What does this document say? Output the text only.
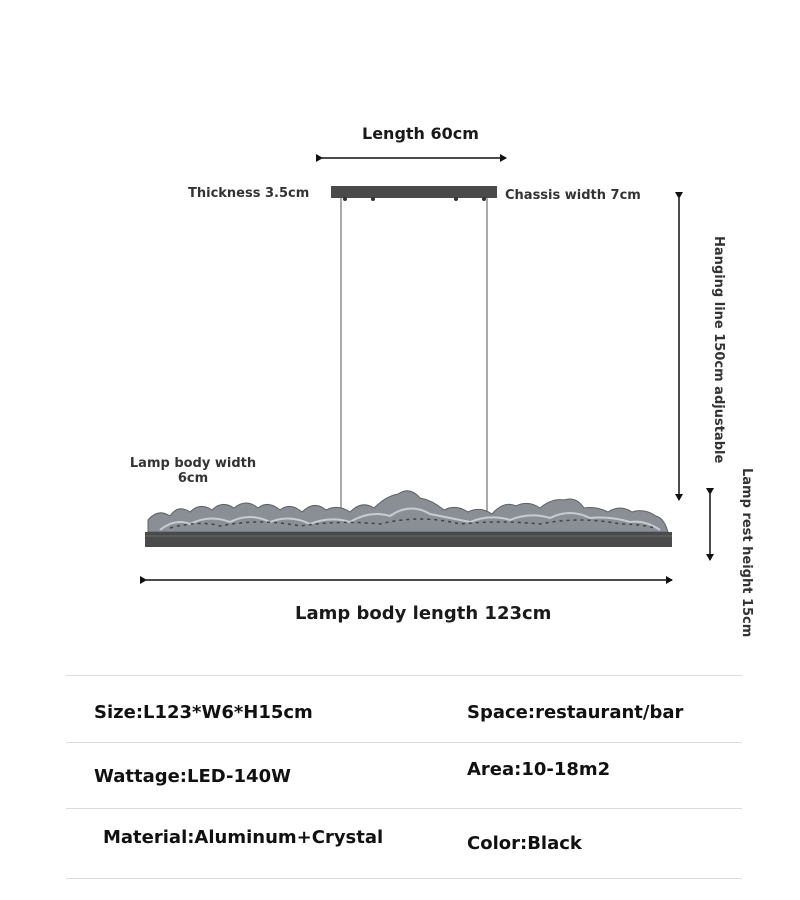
Length 60cm
Thickness 3.5cm	Chassis width 7cm
Hanging line 150cm adjustable
Lamp body width
6cm	Lamp rest height 15cm
Lamp body length 123cm
Size:L123*W6*H15cm	Space:restaurant/bar
Wattage:LED-140W	Area:10-18m2
Material:Aluminum+Crystal	Color:Black
